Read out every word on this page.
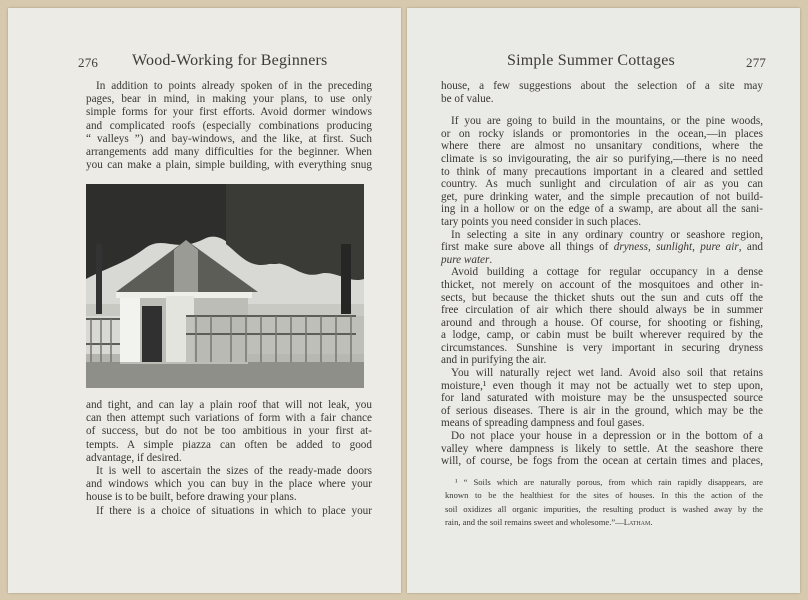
276 Wood-Working for Beginners
In addition to points already spoken of in the preceding
pages, bear in mind, in making your plans, to use only
simple forms for your first efforts. Avoid dormer windows
and complicated roofs (especially combinations producing
“ valleys ”) and bay-windows, and the like, at first. Such
arrangements add many difficulties for the beginner. When
you can make a plain, simple building, with everything snug
and tight, and can lay a plain roof that will not leak, you
can then attempt such variations of form with a fair chance
of success, but do not be too ambitious in your first at-
tempts. A simple piazza can often be added to good
advantage, if desired.
It is well to ascertain the sizes of the ready-made doors
and windows which you can buy in the place where your
house is to be built, before drawing your plans.
If there is a choice of situations in which to place your
Simple Summer Cottages	277
house, a few suggestions about the selection of a site may
be of value.
If you are going to build in the mountains, or the pine woods,
or on rocky islands or promontories in the ocean,—in places
where there are almost no unsanitary conditions, where the
climate is so invigourating, the air so purifying,—there is no need
to think of many precautions important in a cleared and settled
country. As much sunlight and circulation of air as you can
get, pure drinking water, and the simple precaution of not build-
ing in a hollow or on the edge of a swamp, are about all the sani-
tary points you need consider in such places.
In selecting a site in any ordinary country or seashore region,
first make sure above all things of dryness, sunlight, pure air, and
pure water.
Avoid building a cottage for regular occupancy in a dense
thicket, not merely on account of the mosquitoes and other in-
sects, but because the thicket shuts out the sun and cuts off the
free circulation of air which there should always be in summer
around and through a house. Of course, for shooting or fishing,
a lodge, camp, or cabin must be built wherever required by the
circumstances. Sunshine is very important in securing dryness
and in purifying the air.
You will naturally reject wet land. Avoid also soil that retains
moisture,¹ even though it may not be actually wet to step upon,
for land saturated with moisture may be the unsuspected source
of serious diseases. There is air in the ground, which may be the
means of spreading dampness and foul gases.
Do not place your house in a depression or in the bottom of a
valley where dampness is likely to settle. At the seashore there
will, of course, be fogs from the ocean at certain times and places,
¹ “ Soils which are naturally porous, from which rain rapidly disappears, are
known to be the healthiest for the sites of houses. In this the action of the
soil oxidizes all organic impurities, the resulting product is washed away by the
rain, and the soil remains sweet and wholesome.”—Latham.
